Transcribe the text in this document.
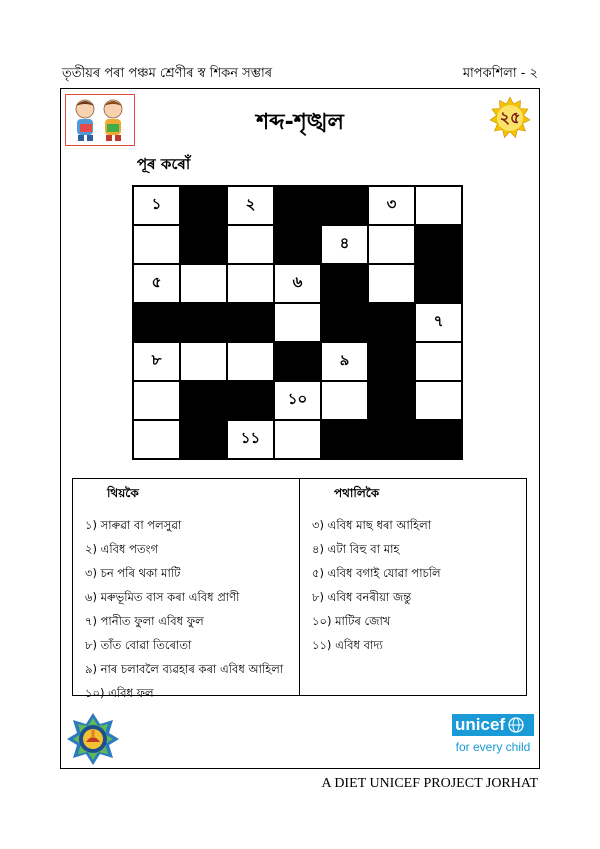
তৃতীয়ৰ পৰা পঞ্চম শ্ৰেণীৰ স্ব শিকন সম্ভাৰ	মাপকশিলা - ২
শব্দ-শৃঙ্খল	২৫
পূৰ কৰোঁ
১	২	৩
৪
৫	৬
৭
৮	৯
১০
১১
থিয়কৈ
১) সাৰুৱা বা পলসুৱা
২) এবিধ পতংগ
৩) চন পৰি থকা মাটি
৬) মৰুভূমিত বাস কৰা এবিধ প্ৰাণী
৭) পানীত ফুলা এবিধ ফুল
৮) তাঁত বোৱা তিৰোতা
৯) নাৰ চলাবলৈ ব্যৱহাৰ কৰা এবিধ আহিলা
১০) এবিধ ফল
পথালিকৈ
৩) এবিধ মাছ ধৰা আহিলা
৪) এটা বিহু বা মাহ
৫) এবিধ বগাই যোৱা পাচলি
৮) এবিধ বনৰীয়া জন্তু
১০) মাটিৰ জোখ
১১) এবিধ বাদ্য
unicef
for every child
A DIET UNICEF PROJECT JORHAT
